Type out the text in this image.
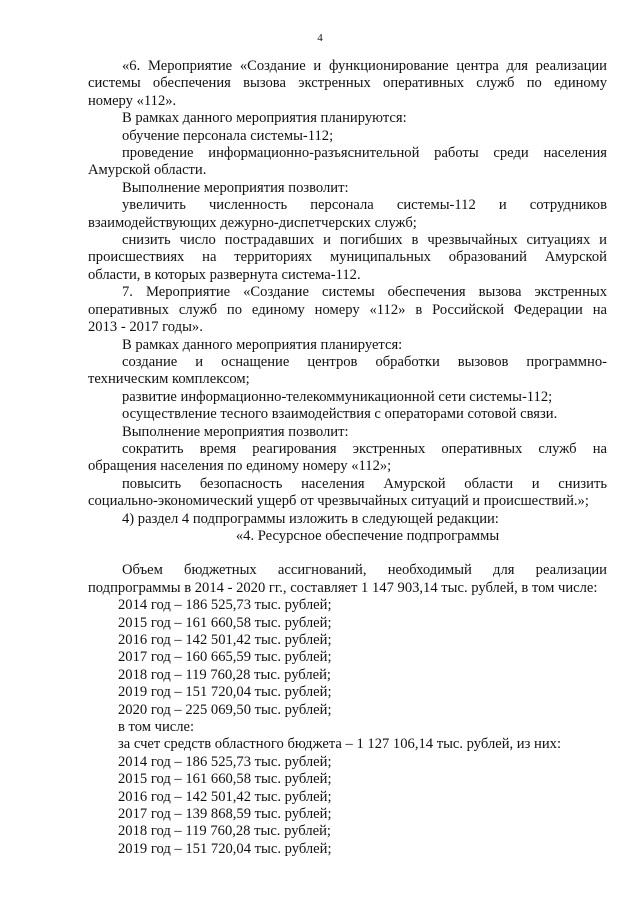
4

«6. Мероприятие «Создание и функционирование центра для реализации

системы обеспечения вызова экстренных оперативных служб по единому

номеру «112».

В рамках данного мероприятия планируются:

обучение персонала системы-112;

проведение информационно-разъяснительной работы среди населения

Амурской области.

Выполнение мероприятия позволит:

увеличить численность персонала системы-112 и сотрудников

взаимодействующих дежурно-диспетчерских служб;

снизить число пострадавших и погибших в чрезвычайных ситуациях и

происшествиях на территориях муниципальных образований Амурской

области, в которых развернута система-112.

7. Мероприятие «Создание системы обеспечения вызова экстренных

оперативных служб по единому номеру «112» в Российской Федерации на

2013 - 2017 годы».

В рамках данного мероприятия планируется:

создание и оснащение центров обработки вызовов программно-

техническим комплексом;

развитие информационно-телекоммуникационной сети системы-112;

осуществление тесного взаимодействия с операторами сотовой связи.

Выполнение мероприятия позволит:

сократить время реагирования экстренных оперативных служб на

обращения населения по единому номеру «112»;

повысить безопасность населения Амурской области и снизить

социально-экономический ущерб от чрезвычайных ситуаций и происшествий.»;

4) раздел 4 подпрограммы изложить в следующей редакции:

«4. Ресурсное обеспечение подпрограммы

Объем бюджетных ассигнований, необходимый для реализации

подпрограммы в 2014 - 2020 гг., составляет 1 147 903,14 тыс. рублей, в том числе:

2014 год – 186 525,73 тыс. рублей;

2015 год – 161 660,58 тыс. рублей;

2016 год – 142 501,42 тыс. рублей;

2017 год – 160 665,59 тыс. рублей;

2018 год – 119 760,28 тыс. рублей;

2019 год – 151 720,04 тыс. рублей;

2020 год – 225 069,50 тыс. рублей;

в том числе:

за счет средств областного бюджета – 1 127 106,14 тыс. рублей, из них:

2014 год – 186 525,73 тыс. рублей;

2015 год – 161 660,58 тыс. рублей;

2016 год – 142 501,42 тыс. рублей;

2017 год – 139 868,59 тыс. рублей;

2018 год – 119 760,28 тыс. рублей;

2019 год – 151 720,04 тыс. рублей;
